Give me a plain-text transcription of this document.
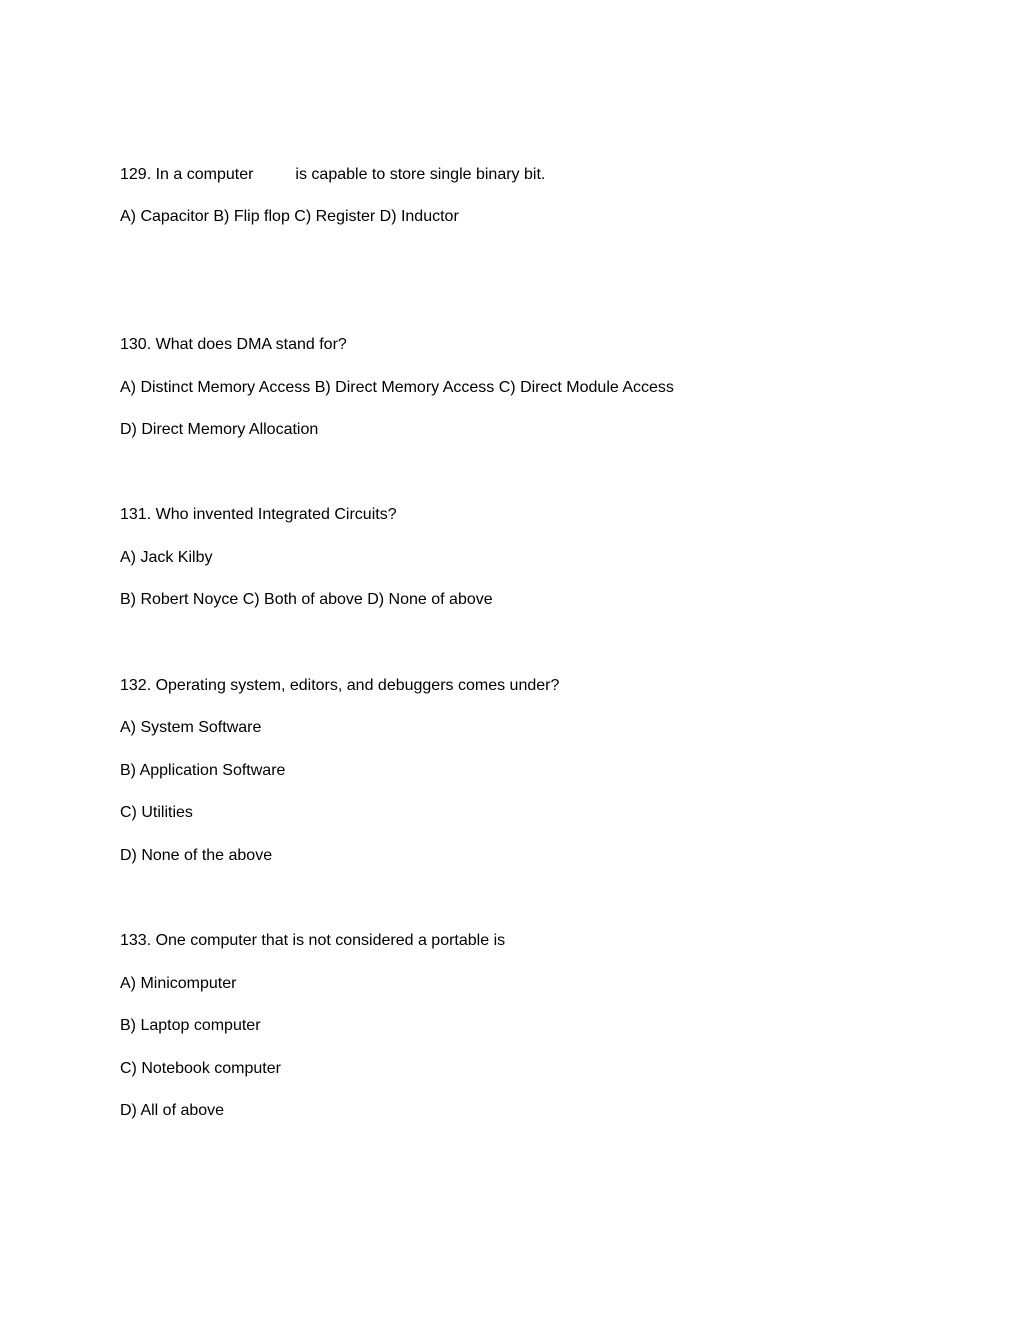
129. In a computer	is capable to store single binary bit.

A) Capacitor B) Flip flop C) Register D) Inductor

130. What does DMA stand for?

A) Distinct Memory Access B) Direct Memory Access C) Direct Module Access

D) Direct Memory Allocation

131. Who invented Integrated Circuits?

A) Jack Kilby

B) Robert Noyce C) Both of above D) None of above

132. Operating system, editors, and debuggers comes under?

A) System Software

B) Application Software

C) Utilities

D) None of the above

133. One computer that is not considered a portable is

A) Minicomputer

B) Laptop computer

C) Notebook computer

D) All of above
